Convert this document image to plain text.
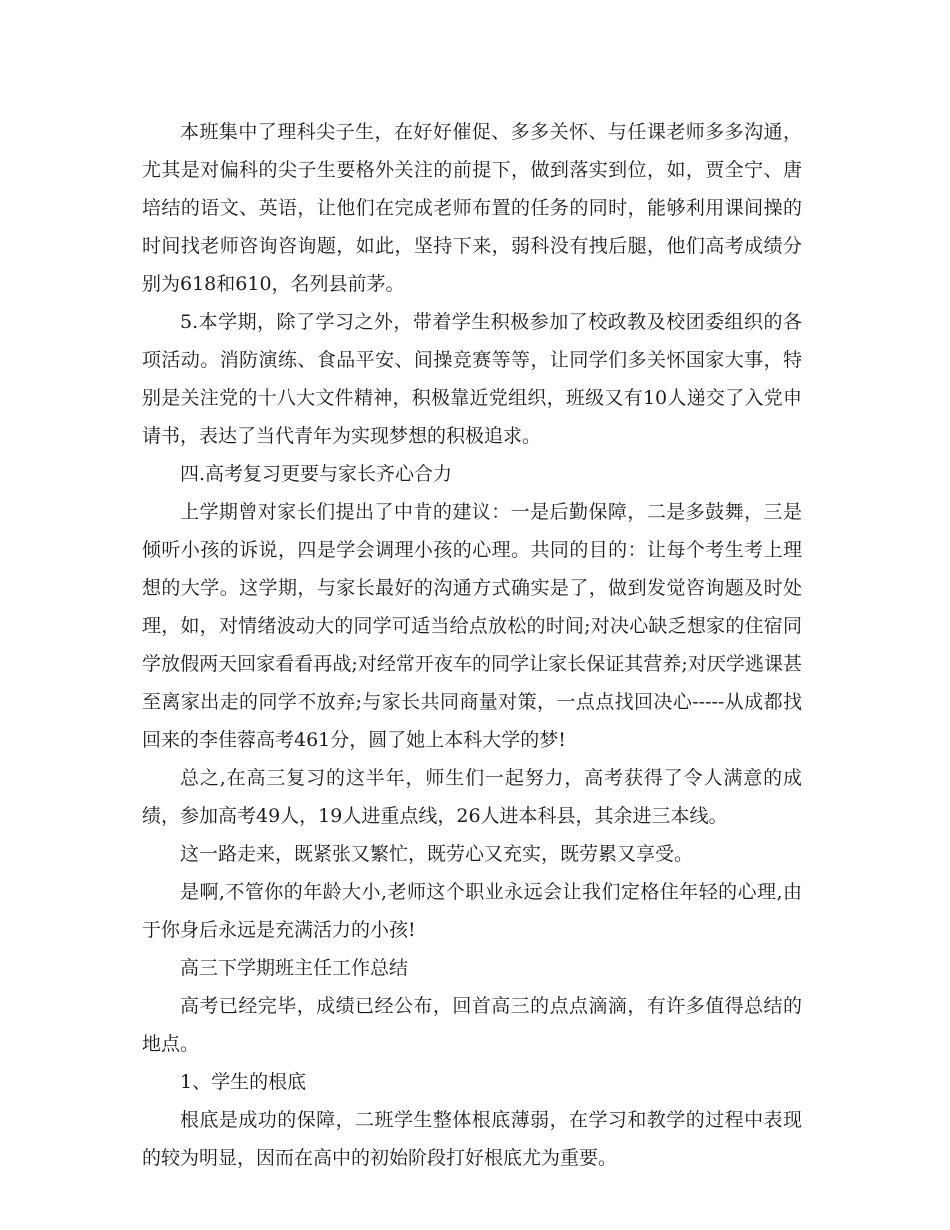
本班集中了理科尖子生，在好好催促、多多关怀、与任课老师多多沟通，尤其是对偏科的尖子生要格外关注的前提下，做到落实到位，如，贾全宁、唐培结的语文、英语，让他们在完成老师布置的任务的同时，能够利用课间操的时间找老师咨询咨询题，如此，坚持下来，弱科没有拽后腿，他们高考成绩分别为618和610，名列县前茅。

5.本学期，除了学习之外，带着学生积极参加了校政教及校团委组织的各项活动。消防演练、食品平安、间操竞赛等等，让同学们多关怀国家大事，特别是关注党的十八大文件精神，积极靠近党组织，班级又有10人递交了入党申请书，表达了当代青年为实现梦想的积极追求。

四.高考复习更要与家长齐心合力

上学期曾对家长们提出了中肯的建议：一是后勤保障，二是多鼓舞，三是倾听小孩的诉说，四是学会调理小孩的心理。共同的目的：让每个考生考上理想的大学。这学期，与家长最好的沟通方式确实是了，做到发觉咨询题及时处理，如，对情绪波动大的同学可适当给点放松的时间;对决心缺乏想家的住宿同学放假两天回家看看再战;对经常开夜车的同学让家长保证其营养;对厌学逃课甚至离家出走的同学不放弃;与家长共同商量对策，一点点找回决心-----从成都找回来的李佳蓉高考461分，圆了她上本科大学的梦!

总之,在高三复习的这半年，师生们一起努力，高考获得了令人满意的成绩，参加高考49人，19人进重点线，26人进本科县，其余进三本线。

这一路走来，既紧张又繁忙，既劳心又充实，既劳累又享受。

是啊,不管你的年龄大小,老师这个职业永远会让我们定格住年轻的心理,由于你身后永远是充满活力的小孩!

高三下学期班主任工作总结

高考已经完毕，成绩已经公布，回首高三的点点滴滴，有许多值得总结的地点。

1、学生的根底

根底是成功的保障，二班学生整体根底薄弱，在学习和教学的过程中表现的较为明显，因而在高中的初始阶段打好根底尤为重要。
